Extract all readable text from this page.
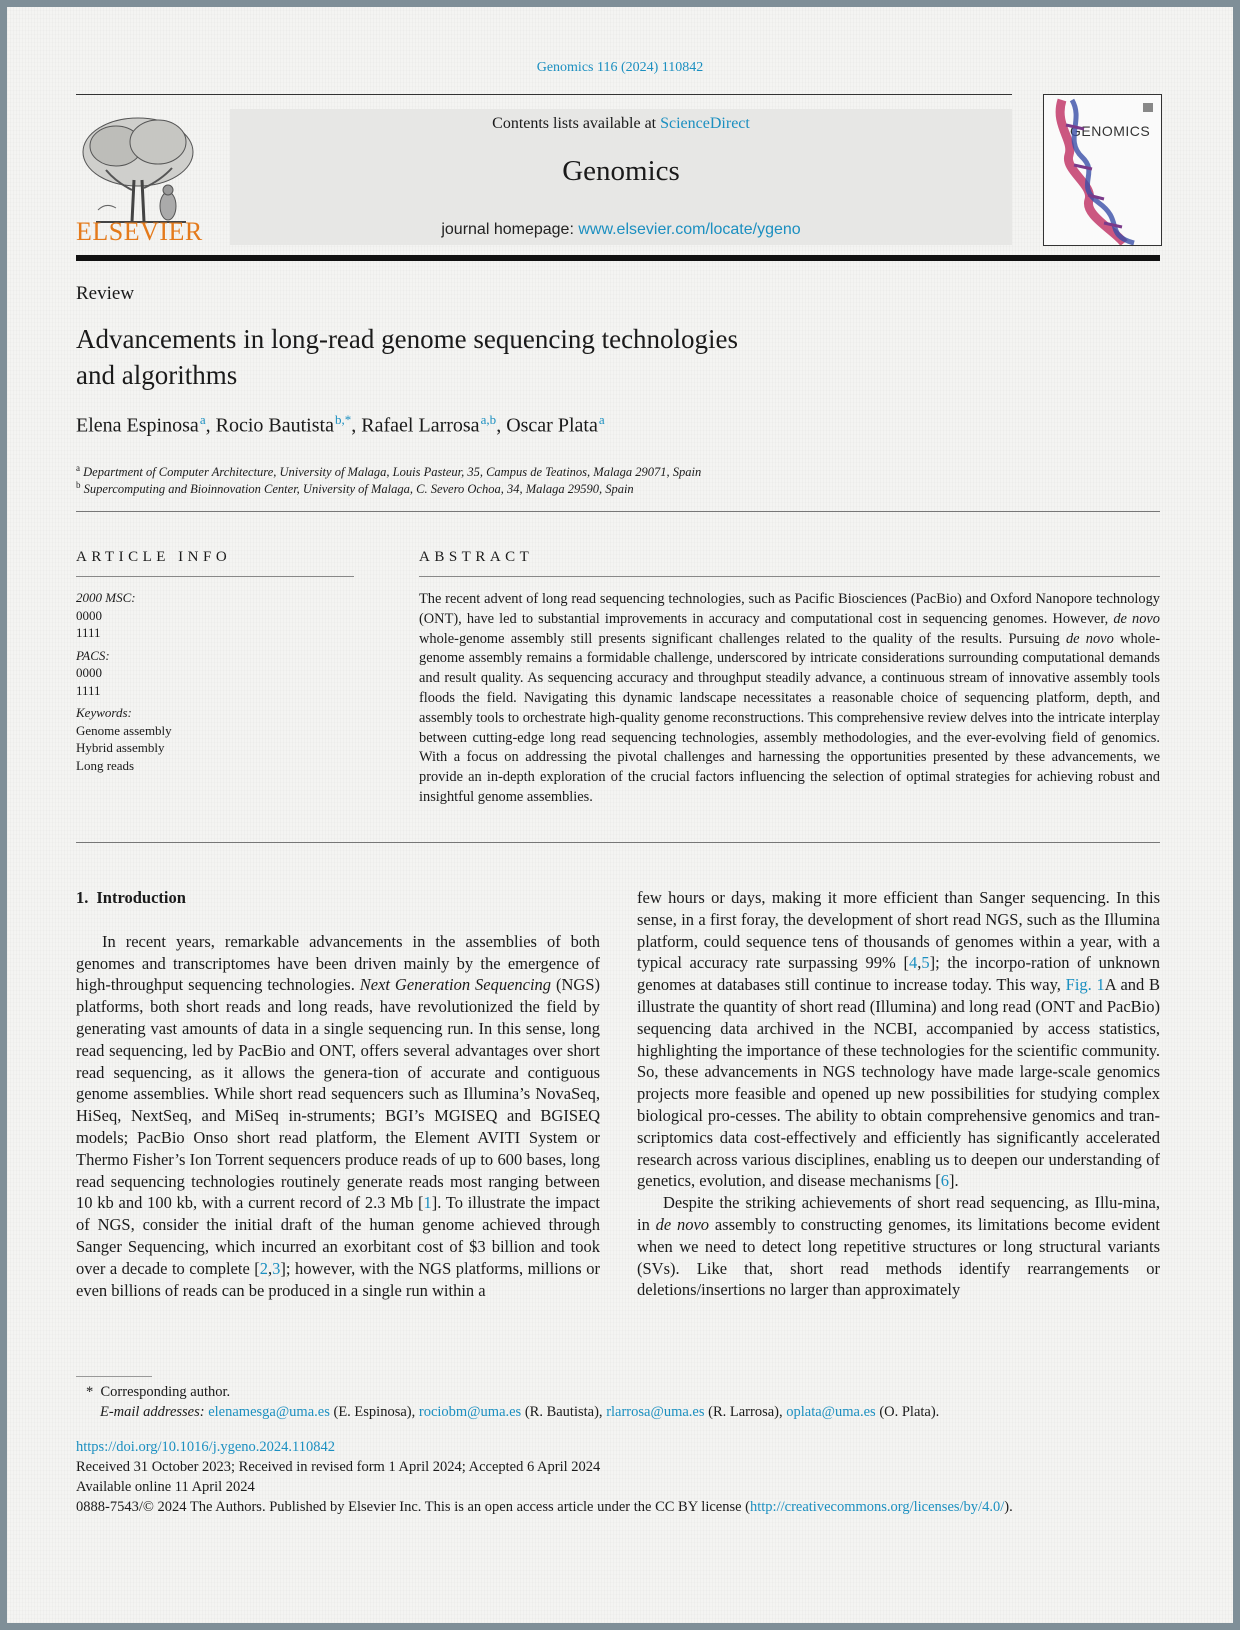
Genomics 116 (2024) 110842
ELSEVIER
Contents lists available at ScienceDirect
Genomics
journal homepage: www.elsevier.com/locate/ygeno
GENOMICS
Review
Advancements in long-read genome sequencing technologies
and algorithms
Elena Espinosa $^a$, Rocio Bautista $^{b,*}$, Rafael Larrosa $^{a,b}$, Oscar Plata $^a$
$^a$ Department of Computer Architecture, University of Malaga, Louis Pasteur, 35, Campus de Teatinos, Malaga 29071, Spain
$^b$ Supercomputing and Bioinnovation Center, University of Malaga, C. Severo Ochoa, 34, Malaga 29590, Spain
ARTICLE INFO	ABSTRACT
2000 MSC:
0000
1111
PACS:
0000
1111
Keywords:
Genome assembly
Hybrid assembly
Long reads
The recent advent of long read sequencing technologies, such as Pacific Biosciences (PacBio) and Oxford Nanopore technology (ONT), have led to substantial improvements in accuracy and computational cost in sequencing genomes. However, de novo whole-genome assembly still presents significant challenges related to the quality of the results. Pursuing de novo whole-genome assembly remains a formidable challenge, underscored by intricate considerations surrounding computational demands and result quality. As sequencing accuracy and throughput steadily advance, a continuous stream of innovative assembly tools floods the field. Navigating this dynamic landscape necessitates a reasonable choice of sequencing platform, depth, and assembly tools to orchestrate high-quality genome reconstructions. This comprehensive review delves into the intricate interplay between cutting-edge long read sequencing technologies, assembly methodologies, and the ever-evolving field of genomics. With a focus on addressing the pivotal challenges and harnessing the opportunities presented by these advancements, we provide an in-depth exploration of the crucial factors influencing the selection of optimal strategies for achieving robust and insightful genome assemblies.
1. Introduction

In recent years, remarkable advancements in the assemblies of both genomes and transcriptomes have been driven mainly by the emergence of high-throughput sequencing technologies. Next Generation Sequencing (NGS) platforms, both short reads and long reads, have revolutionized the field by generating vast amounts of data in a single sequencing run. In this sense, long read sequencing, led by PacBio and ONT, offers several advantages over short read sequencing, as it allows the genera-tion of accurate and contiguous genome assemblies. While short read sequencers such as Illumina’s NovaSeq, HiSeq, NextSeq, and MiSeq in-struments; BGI’s MGISEQ and BGISEQ models; PacBio Onso short read platform, the Element AVITI System or Thermo Fisher’s Ion Torrent sequencers produce reads of up to 600 bases, long read sequencing technologies routinely generate reads most ranging between 10 kb and 100 kb, with a current record of 2.3 Mb [1]. To illustrate the impact of NGS, consider the initial draft of the human genome achieved through Sanger Sequencing, which incurred an exorbitant cost of $3 billion and took over a decade to complete [2,3]; however, with the NGS platforms, millions or even billions of reads can be produced in a single run within a

few hours or days, making it more efficient than Sanger sequencing. In this sense, in a first foray, the development of short read NGS, such as the Illumina platform, could sequence tens of thousands of genomes within a year, with a typical accuracy rate surpassing 99% [4,5]; the incorpo-ration of unknown genomes at databases still continue to increase today. This way, Fig. 1A and B illustrate the quantity of short read (Illumina) and long read (ONT and PacBio) sequencing data archived in the NCBI, accompanied by access statistics, highlighting the importance of these technologies for the scientific community. So, these advancements in NGS technology have made large-scale genomics projects more feasible and opened up new possibilities for studying complex biological pro-cesses. The ability to obtain comprehensive genomics and tran-scriptomics data cost-effectively and efficiently has significantly accelerated research across various disciplines, enabling us to deepen our understanding of genetics, evolution, and disease mechanisms [6].

Despite the striking achievements of short read sequencing, as Illu-mina, in de novo assembly to constructing genomes, its limitations become evident when we need to detect long repetitive structures or long structural variants (SVs). Like that, short read methods identify rearrangements or deletions/insertions no larger than approximately

* Corresponding author.
E-mail addresses: elenamesga@uma.es (E. Espinosa), rociobm@uma.es (R. Bautista), rlarrosa@uma.es (R. Larrosa), oplata@uma.es (O. Plata).
https://doi.org/10.1016/j.ygeno.2024.110842
Received 31 October 2023; Received in revised form 1 April 2024; Accepted 6 April 2024
Available online 11 April 2024
0888-7543/© 2024 The Authors. Published by Elsevier Inc. This is an open access article under the CC BY license (http://creativecommons.org/licenses/by/4.0/).
